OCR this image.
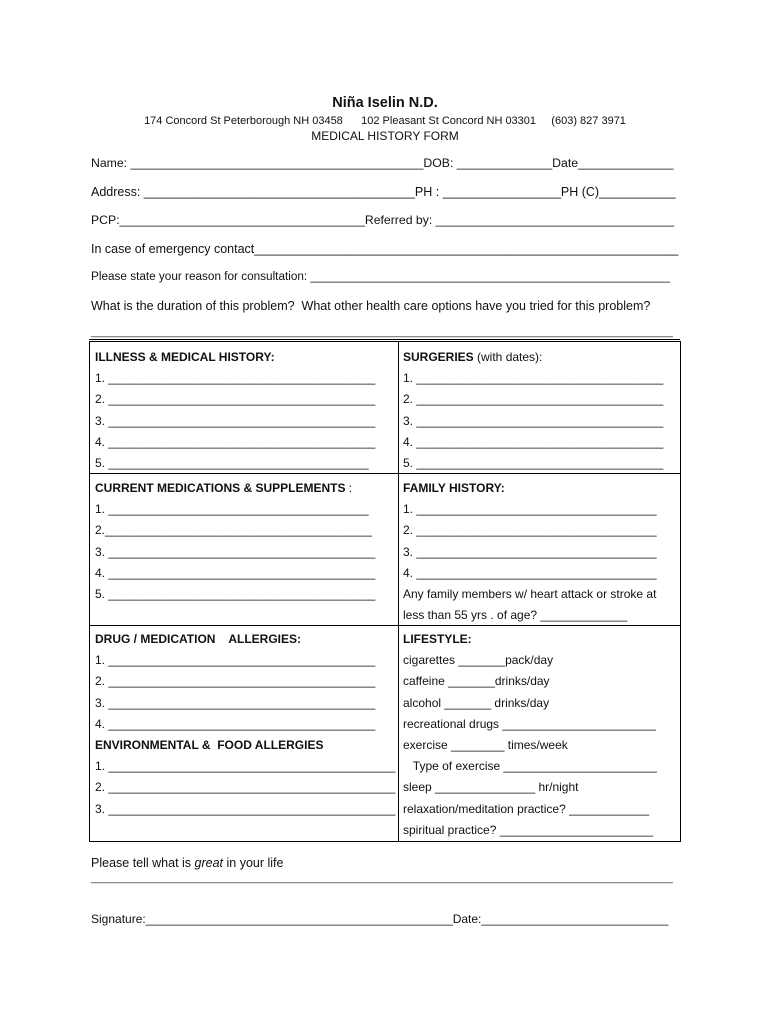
Niña Iselin N.D.
174 Concord St Peterborough NH 03458      102 Pleasant St Concord NH 03301     (603) 827 3971
MEDICAL HISTORY FORM
Name: ___________________________________________DOB: ______________Date______________
Address: _______________________________________PH : _________________PH (C)___________
PCP:____________________________________Referred by: ___________________________________
In case of emergency contact_____________________________________________________________
Please state your reason for consultation: _______________________________________________________
What is the duration of this problem?  What other health care options have you tried for this problem?
_____________________________________________________________________________________________
ILLNESS & MEDICAL HISTORY:
1. ________________________________________
2. ________________________________________
3. ________________________________________
4. ________________________________________
5. _______________________________________
SURGERIES (with dates):
1. _____________________________________
2. _____________________________________
3. _____________________________________
4. _____________________________________
5. _____________________________________
CURRENT MEDICATIONS & SUPPLEMENTS :
1. _______________________________________
2.________________________________________
3. ________________________________________
4. ________________________________________
5. ________________________________________
FAMILY HISTORY:
1. ____________________________________
2. ____________________________________
3. ____________________________________
4. ____________________________________
Any family members w/ heart attack or stroke at
less than 55 yrs . of age? _____________
DRUG / MEDICATION    ALLERGIES:
1. ________________________________________
2. ________________________________________
3. ________________________________________
4. ________________________________________
ENVIRONMENTAL &  FOOD ALLERGIES
1. ___________________________________________
2. ___________________________________________
3. ___________________________________________
LIFESTYLE:
cigarettes _______pack/day
caffeine _______drinks/day
alcohol _______ drinks/day
recreational drugs _______________________
exercise ________ times/week
Type of exercise _______________________
sleep _______________ hr/night
relaxation/meditation practice? ____________
spiritual practice? _______________________
Please tell what is great in your life
_____________________________________________________________________________________________
Signature:______________________________________________Date:____________________________
